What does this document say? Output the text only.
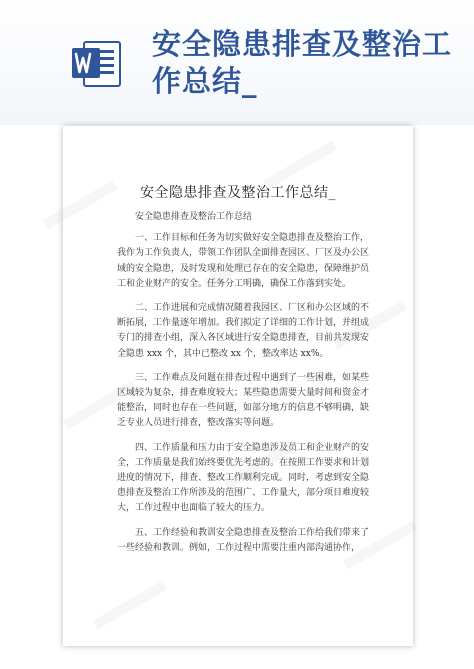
安全隐患排查及整治工作总结_
安全隐患排查及整治工作总结_

安全隐患排查及整治工作总结

一、工作目标和任务为切实做好安全隐患排查及整治工作，我作为工作负责人，带领工作团队全面排查园区、厂区及办公区域的安全隐患，及时发现和处理已存在的安全隐患，保障维护员工和企业财产的安全。任务分工明确，确保工作落到实处。

二、工作进展和完成情况随着我园区、厂区和办公区域的不断拓展，工作量逐年增加。我们拟定了详细的工作计划，并组成专门的排查小组，深入各区域进行安全隐患排查，目前共发现安全隐患 xxx 个，其中已整改 xx 个，整改率达 xx%。

三、工作难点及问题在排查过程中遇到了一些困难，如某些区域较为复杂，排查难度较大；某些隐患需要大量时间和资金才能整治，同时也存在一些问题，如部分地方的信息不够明确，缺乏专业人员进行排查，整改落实等问题。

四、工作质量和压力由于安全隐患涉及员工和企业财产的安全，工作质量是我们始终要优先考虑的。在按照工作要求和计划进度的情况下，排查、整改工作顺利完成。同时，考虑到安全隐患排查及整治工作所涉及的范围广、工作量大，部分项目难度较大，工作过程中也面临了较大的压力。

五、工作经验和教训安全隐患排查及整治工作给我们带来了一些经验和教训。例如，工作过程中需要注重内部沟通协作，
